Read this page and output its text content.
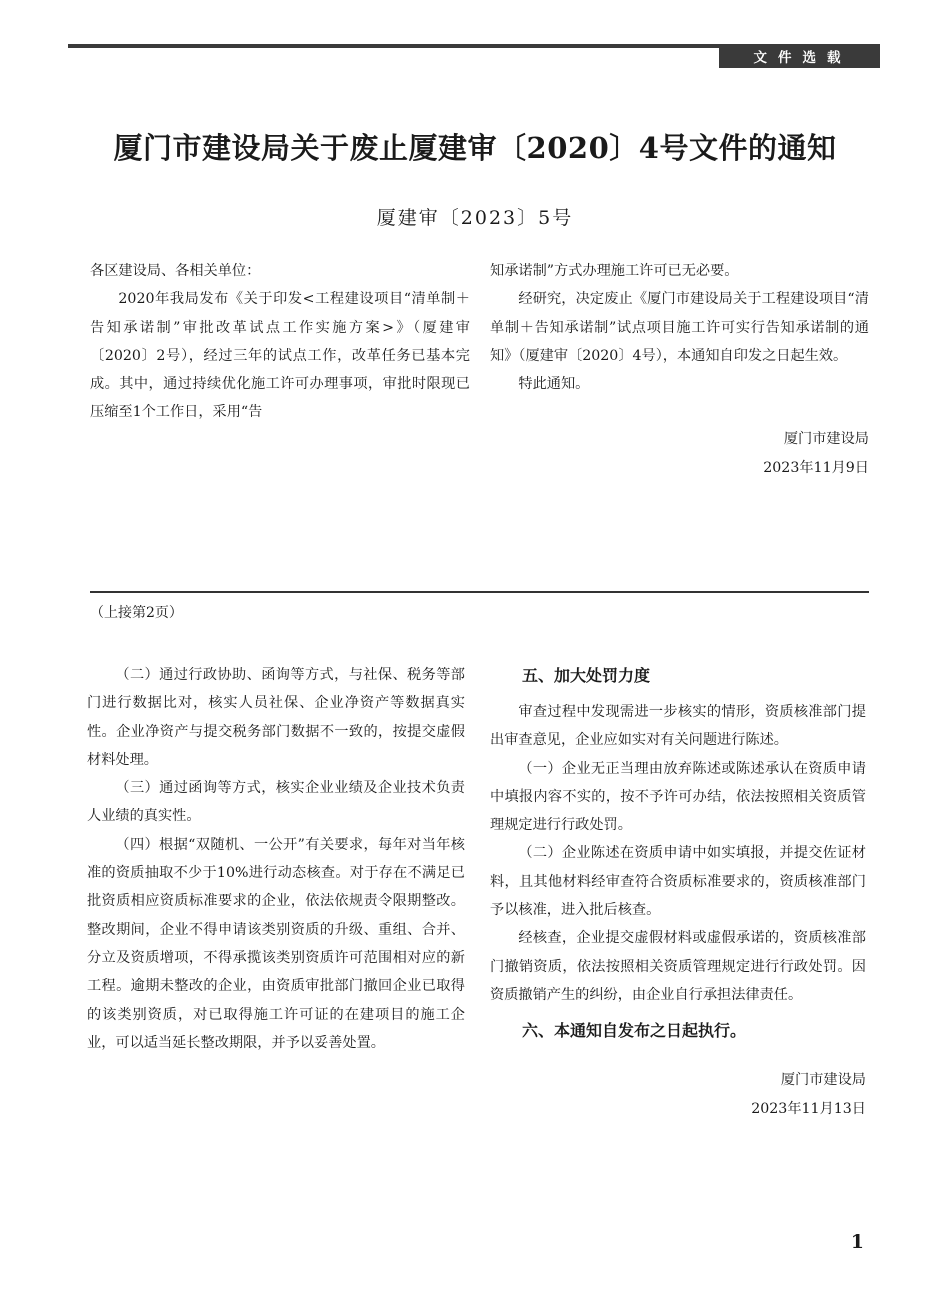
文件选载
厦门市建设局关于废止厦建审〔2020〕4号文件的通知
厦建审〔2023〕5号

各区建设局、各相关单位：

2020年我局发布《关于印发<工程建设项目“清单制＋告知承诺制”审批改革试点工作实施方案>》（厦建审〔2020〕2号），经过三年的试点工作，改革任务已基本完成。其中，通过持续优化施工许可办理事项，审批时限现已压缩至1个工作日，采用“告

知承诺制”方式办理施工许可已无必要。

经研究，决定废止《厦门市建设局关于工程建设项目“清单制＋告知承诺制”试点项目施工许可实行告知承诺制的通知》（厦建审〔2020〕4号），本通知自印发之日起生效。

特此通知。

厦门市建设局

2023年11月9日

（上接第2页）

（二）通过行政协助、函询等方式，与社保、税务等部门进行数据比对，核实人员社保、企业净资产等数据真实性。企业净资产与提交税务部门数据不一致的，按提交虚假材料处理。

（三）通过函询等方式，核实企业业绩及企业技术负责人业绩的真实性。

（四）根据“双随机、一公开”有关要求，每年对当年核准的资质抽取不少于10%进行动态核查。对于存在不满足已批资质相应资质标准要求的企业，依法依规责令限期整改。整改期间，企业不得申请该类别资质的升级、重组、合并、分立及资质增项，不得承揽该类别资质许可范围相对应的新工程。逾期未整改的企业，由资质审批部门撤回企业已取得的该类别资质，对已取得施工许可证的在建项目的施工企业，可以适当延长整改期限，并予以妥善处置。

五、加大处罚力度

审查过程中发现需进一步核实的情形，资质核准部门提出审查意见，企业应如实对有关问题进行陈述。

（一）企业无正当理由放弃陈述或陈述承认在资质申请中填报内容不实的，按不予许可办结，依法按照相关资质管理规定进行行政处罚。

（二）企业陈述在资质申请中如实填报，并提交佐证材料，且其他材料经审查符合资质标准要求的，资质核准部门予以核准，进入批后核查。

经核查，企业提交虚假材料或虚假承诺的，资质核准部门撤销资质，依法按照相关资质管理规定进行行政处罚。因资质撤销产生的纠纷，由企业自行承担法律责任。

六、本通知自发布之日起执行。

厦门市建设局

2023年11月13日

1
